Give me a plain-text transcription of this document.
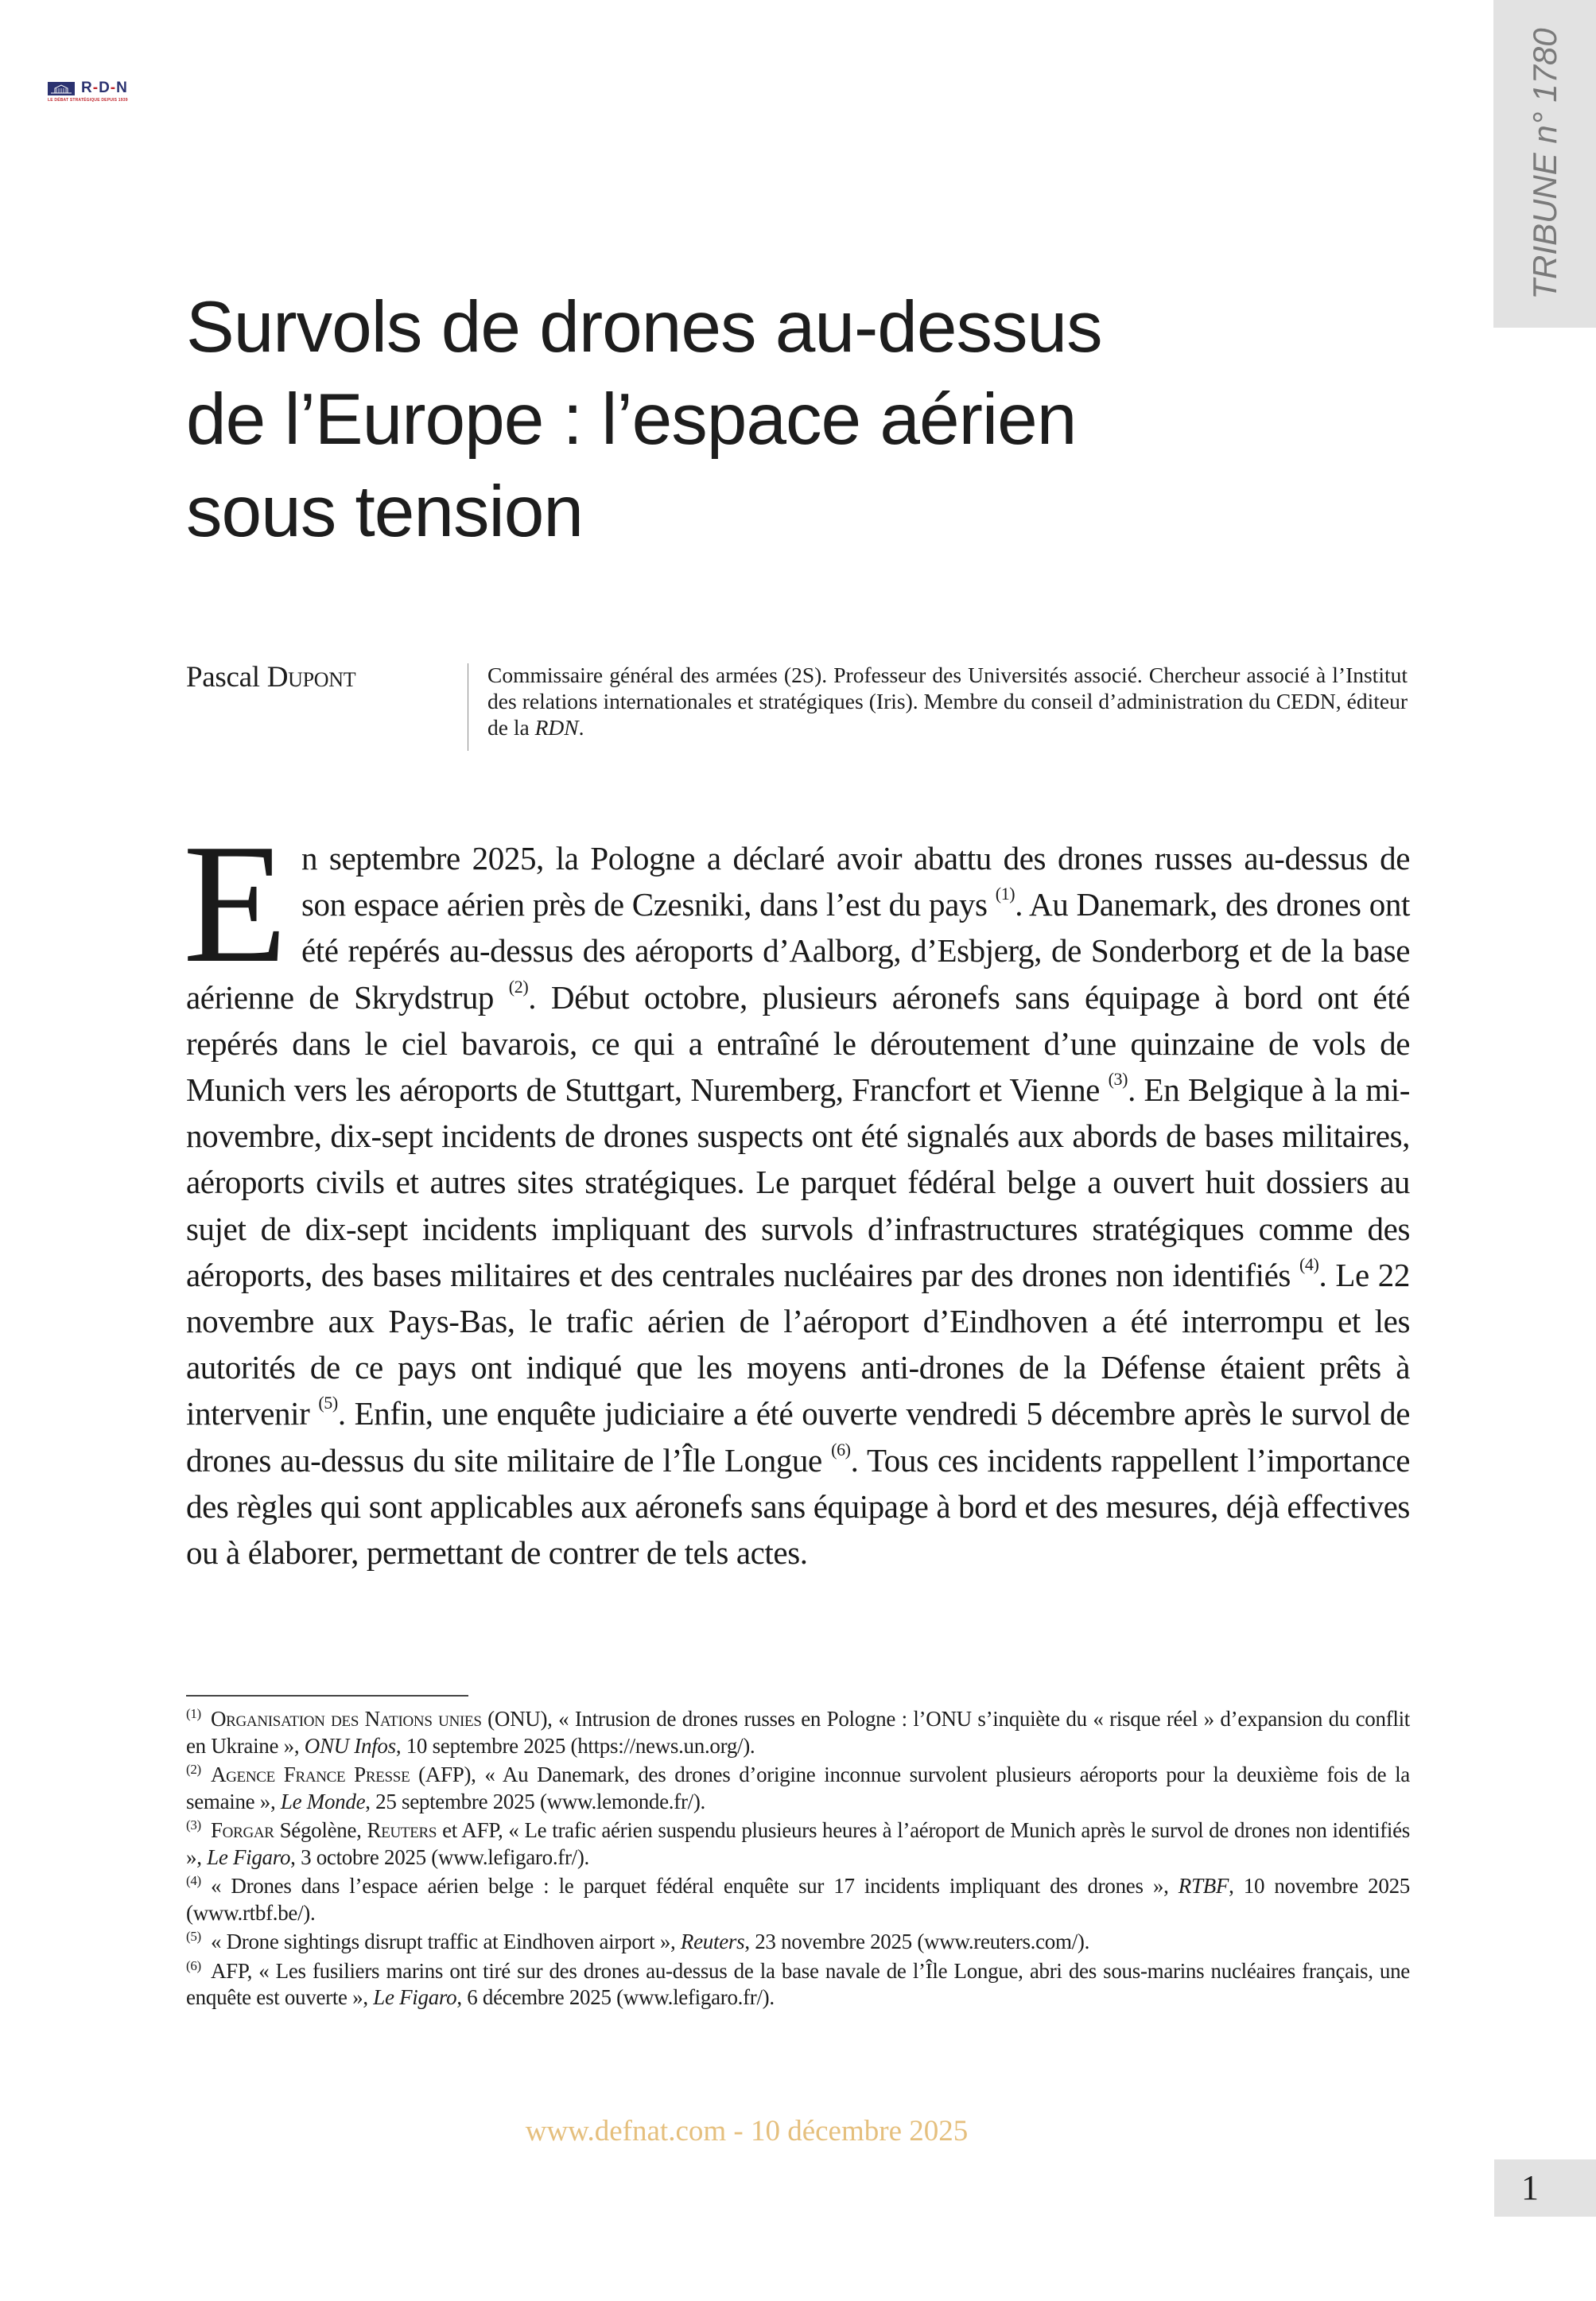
R-D-N
LE DÉBAT STRATÉGIQUE DEPUIS 1939	TRIBUNE n° 1780
Survols de drones au-dessus
de l’Europe : l’espace aérien
sous tension
Pascal Dupont	Commissaire général des armées (2S). Professeur des Universités associé. Chercheur associé à l’Institut des relations internationales et stratégiques (Iris). Membre du conseil d’administration du CEDN, éditeur de la RDN.
E n septembre 2025, la Pologne a déclaré avoir abattu des drones russes au-dessus de son espace aérien près de Czesniki, dans l’est du pays $^{(1)}$. Au Danemark, des drones ont été repérés au-dessus des aéroports d’Aalborg, d’Esbjerg, de Sonderborg et de la base aérienne de Skrydstrup $^{(2)}$. Début octobre, plusieurs aéronefs sans équipage à bord ont été repérés dans le ciel bavarois, ce qui a entraîné le déroutement d’une quinzaine de vols de Munich vers les aéroports de Stuttgart, Nuremberg, Francfort et Vienne $^{(3)}$. En Belgique à la mi-novembre, dix-sept incidents de drones suspects ont été signalés aux abords de bases militaires, aéroports civils et autres sites stratégiques. Le parquet fédéral belge a ouvert huit dossiers au sujet de dix-sept incidents impliquant des survols d’infrastructures stratégiques comme des aéroports, des bases militaires et des centrales nucléaires par des drones non identifiés $^{(4)}$. Le 22 novembre aux Pays-Bas, le trafic aérien de l’aéroport d’Eindhoven a été interrompu et les autorités de ce pays ont indiqué que les moyens anti-drones de la Défense étaient prêts à intervenir $^{(5)}$. Enfin, une enquête judiciaire a été ouverte vendredi 5 décembre après le survol de drones au-dessus du site militaire de l’Île Longue $^{(6)}$. Tous ces incidents rappellent l’importance des règles qui sont applicables aux aéronefs sans équipage à bord et des mesures, déjà effectives ou à élaborer, permettant de contrer de tels actes.
$^{(1)}$ Organisation des Nations unies (ONU), « Intrusion de drones russes en Pologne : l’ONU s’inquiète du « risque réel » d’expansion du conflit en Ukraine », ONU Infos, 10 septembre 2025 (https://news.un.org/).
$^{(2)}$ Agence France Presse (AFP), « Au Danemark, des drones d’origine inconnue survolent plusieurs aéroports pour la deuxième fois de la semaine », Le Monde, 25 septembre 2025 (www.lemonde.fr/).
$^{(3)}$ Forgar Ségolène, Reuters et AFP, « Le trafic aérien suspendu plusieurs heures à l’aéroport de Munich après le survol de drones non identifiés », Le Figaro, 3 octobre 2025 (www.lefigaro.fr/).
$^{(4)}$ « Drones dans l’espace aérien belge : le parquet fédéral enquête sur 17 incidents impliquant des drones », RTBF, 10 novembre 2025 (www.rtbf.be/).
$^{(5)}$ « Drone sightings disrupt traffic at Eindhoven airport », Reuters, 23 novembre 2025 (www.reuters.com/).
$^{(6)}$ AFP, « Les fusiliers marins ont tiré sur des drones au-dessus de la base navale de l’Île Longue, abri des sous-marins nucléaires français, une enquête est ouverte », Le Figaro, 6 décembre 2025 (www.lefigaro.fr/).
www.defnat.com - 10 décembre 2025
1
